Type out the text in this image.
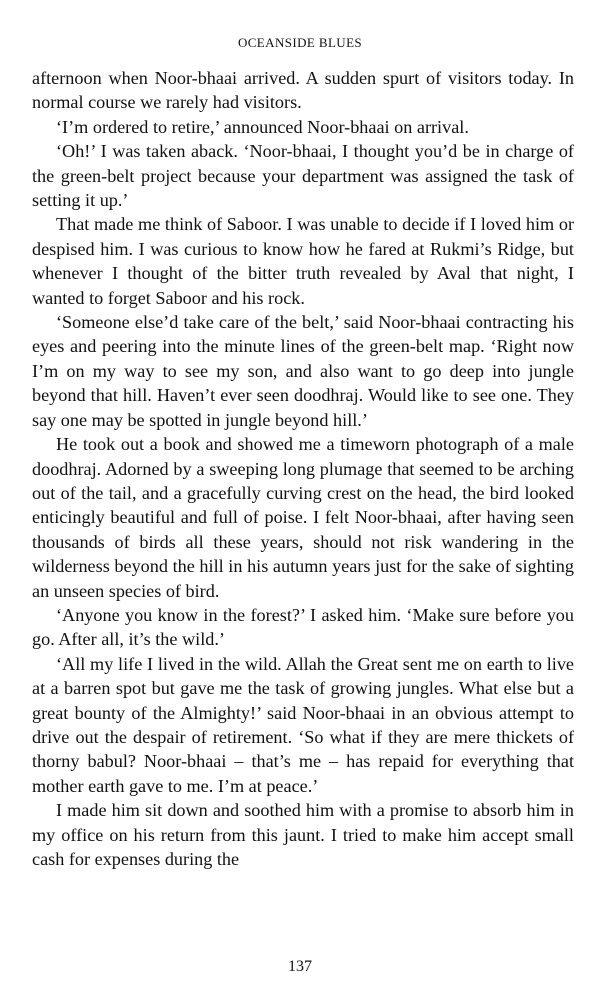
OCEANSIDE BLUES

afternoon when Noor-bhaai arrived. A sudden spurt of visitors today. In normal course we rarely had visitors.

‘I’m ordered to retire,’ announced Noor-bhaai on arrival.

‘Oh!’ I was taken aback. ‘Noor-bhaai, I thought you’d be in charge of the green-belt project because your department was assigned the task of setting it up.’

That made me think of Saboor. I was unable to decide if I loved him or despised him. I was curious to know how he fared at Rukmi’s Ridge, but whenever I thought of the bitter truth revealed by Aval that night, I wanted to forget Saboor and his rock.

‘Someone else’d take care of the belt,’ said Noor-bhaai contracting his eyes and peering into the minute lines of the green-belt map. ‘Right now I’m on my way to see my son, and also want to go deep into jungle beyond that hill. Haven’t ever seen doodhraj. Would like to see one. They say one may be spotted in jungle beyond hill.’

He took out a book and showed me a timeworn photograph of a male doodhraj. Adorned by a sweeping long plumage that seemed to be arching out of the tail, and a gracefully curving crest on the head, the bird looked enticingly beautiful and full of poise. I felt Noor-bhaai, after having seen thousands of birds all these years, should not risk wandering in the wilderness beyond the hill in his autumn years just for the sake of sighting an unseen species of bird.

‘Anyone you know in the forest?’ I asked him. ‘Make sure before you go. After all, it’s the wild.’

‘All my life I lived in the wild. Allah the Great sent me on earth to live at a barren spot but gave me the task of growing jungles. What else but a great bounty of the Almighty!’ said Noor-bhaai in an obvious attempt to drive out the despair of retirement. ‘So what if they are mere thickets of thorny babul? Noor-bhaai – that’s me – has repaid for everything that mother earth gave to me. I’m at peace.’

I made him sit down and soothed him with a promise to absorb him in my office on his return from this jaunt. I tried to make him accept small cash for expenses during the

137
